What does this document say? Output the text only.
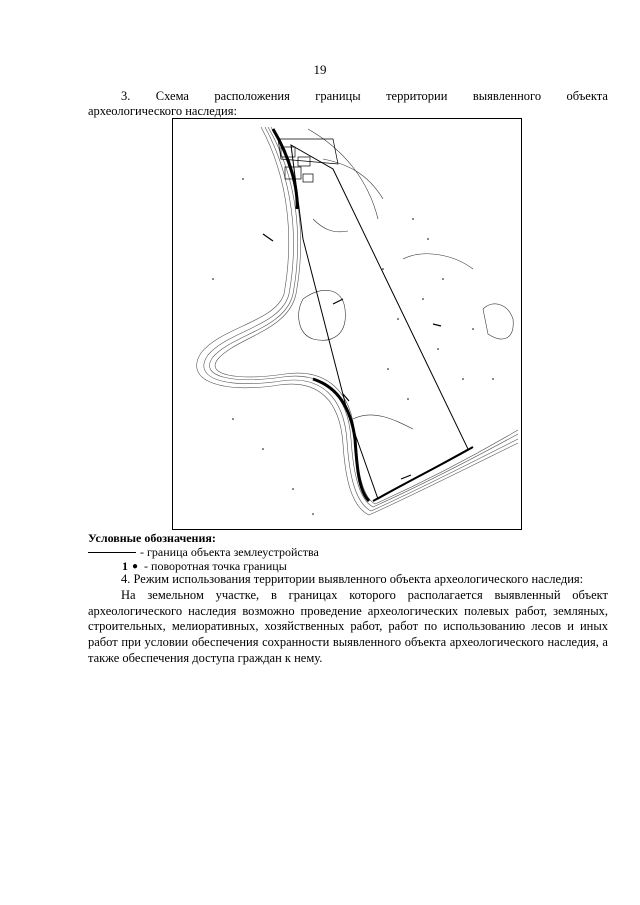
19
3. Схема расположения границы территории выявленного объекта
археологического наследия:
Условные обозначения:
- граница объекта землеустройства
1 ● - поворотная точка границы

4. Режим использования территории выявленного объекта археологического наследия:

На земельном участке, в границах которого располагается выявленный объект археологического наследия возможно проведение археологических полевых работ, земляных, строительных, мелиоративных, хозяйственных работ, работ по использованию лесов и иных работ при условии обеспечения сохранности выявленного объекта археологического наследия, а также обеспечения доступа граждан к нему.
